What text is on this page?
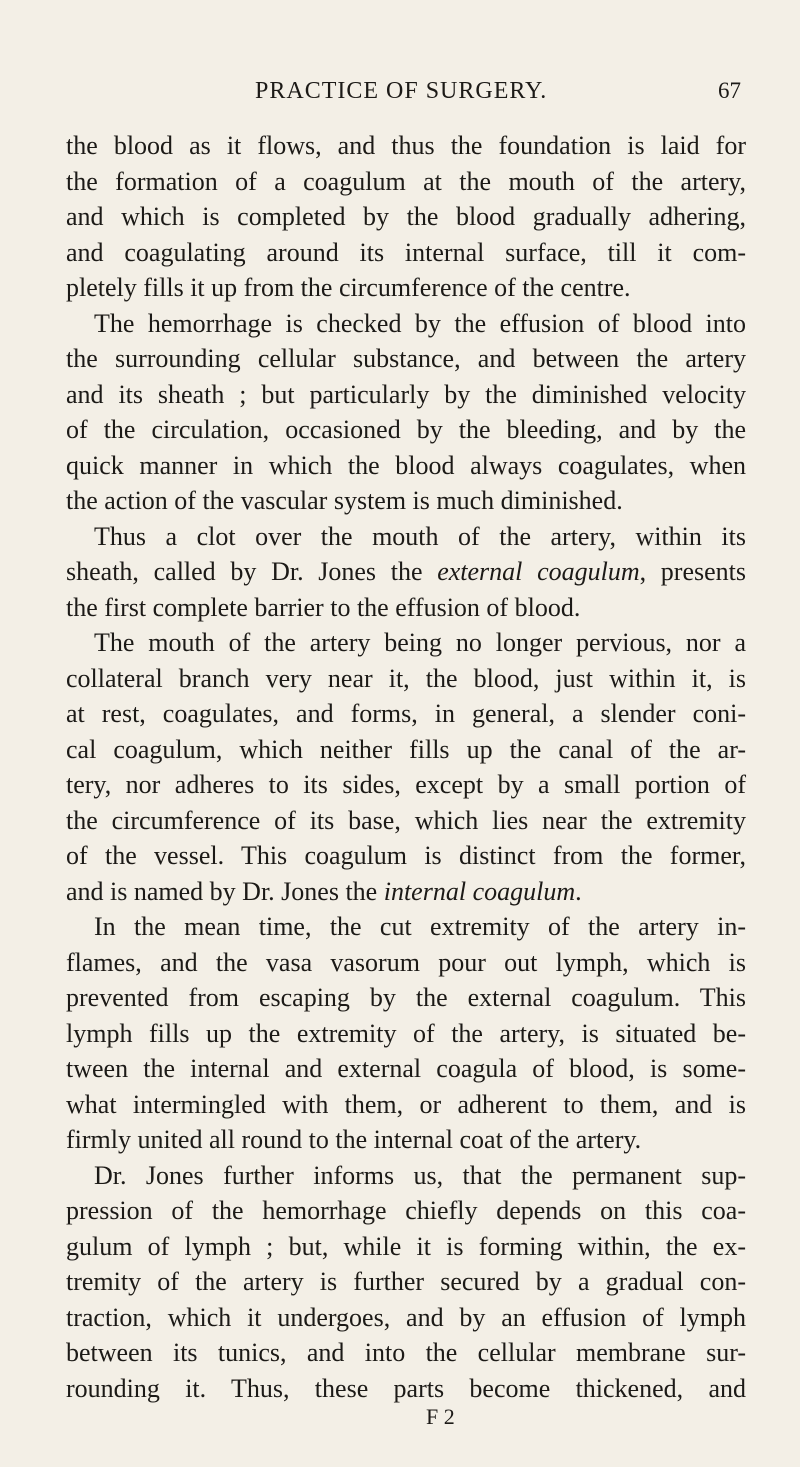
PRACTICE OF SURGERY.	67
the blood as it flows, and thus the foundation is laid for
the formation of a coagulum at the mouth of the artery,
and which is completed by the blood gradually adhering,
and coagulating around its internal surface, till it com-
pletely fills it up from the circumference of the centre.
The hemorrhage is checked by the effusion of blood into
the surrounding cellular substance, and between the artery
and its sheath ; but particularly by the diminished velocity
of the circulation, occasioned by the bleeding, and by the
quick manner in which the blood always coagulates, when
the action of the vascular system is much diminished.
Thus a clot over the mouth of the artery, within its
sheath, called by Dr. Jones the external coagulum, presents
the first complete barrier to the effusion of blood.
The mouth of the artery being no longer pervious, nor a
collateral branch very near it, the blood, just within it, is
at rest, coagulates, and forms, in general, a slender coni-
cal coagulum, which neither fills up the canal of the ar-
tery, nor adheres to its sides, except by a small portion of
the circumference of its base, which lies near the extremity
of the vessel. This coagulum is distinct from the former,
and is named by Dr. Jones the internal coagulum.
In the mean time, the cut extremity of the artery in-
flames, and the vasa vasorum pour out lymph, which is
prevented from escaping by the external coagulum. This
lymph fills up the extremity of the artery, is situated be-
tween the internal and external coagula of blood, is some-
what intermingled with them, or adherent to them, and is
firmly united all round to the internal coat of the artery.
Dr. Jones further informs us, that the permanent sup-
pression of the hemorrhage chiefly depends on this coa-
gulum of lymph ; but, while it is forming within, the ex-
tremity of the artery is further secured by a gradual con-
traction, which it undergoes, and by an effusion of lymph
between its tunics, and into the cellular membrane sur-
rounding it. Thus, these parts become thickened, and
F 2
